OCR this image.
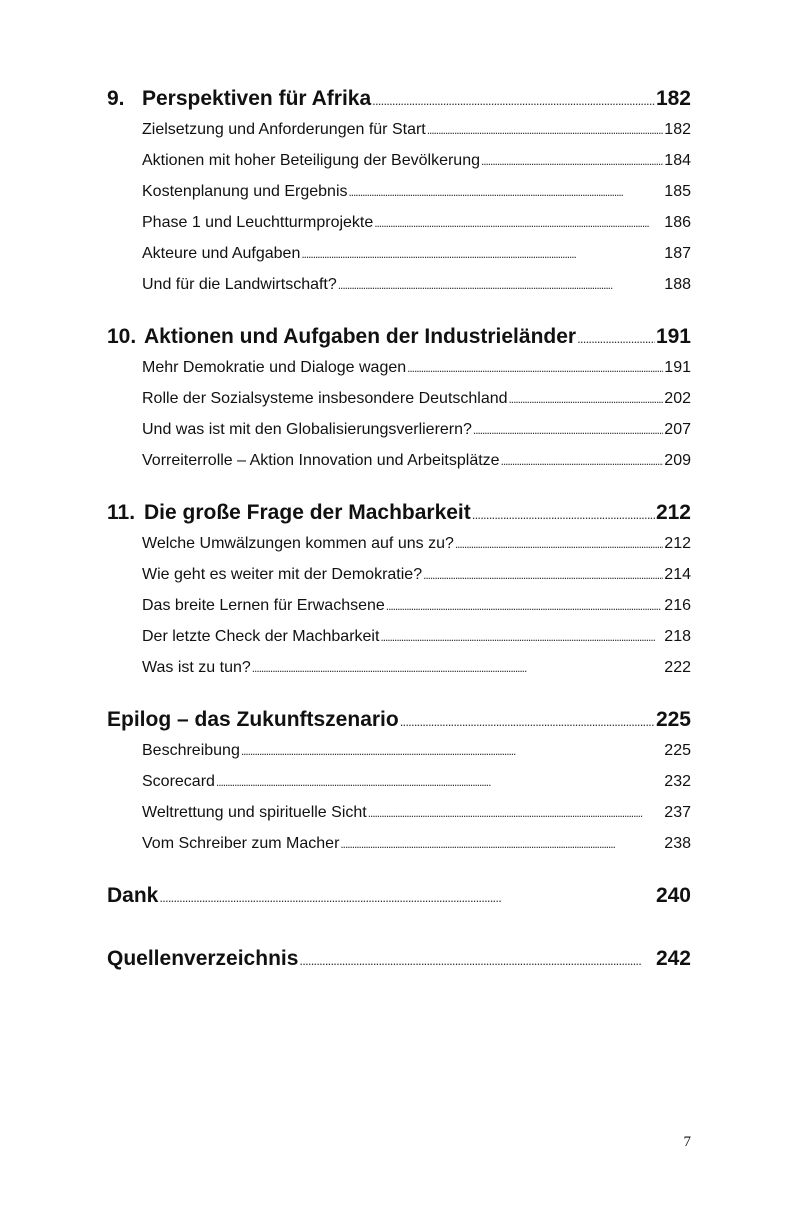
9. Perspektiven für Afrika . . .	182
Zielsetzung und Anforderungen für Start . . .	182
Aktionen mit hoher Beteiligung der Bevölkerung . . .	184
Kostenplanung und Ergebnis . . .	185
Phase 1 und Leuchtturmprojekte . . .	186
Akteure und Aufgaben . . .	187
Und für die Landwirtschaft? . . .	188
10. Aktionen und Aufgaben der Industrieländer . . .	191
Mehr Demokratie und Dialoge wagen . . .	191
Rolle der Sozialsysteme insbesondere Deutschland . . .	202
Und was ist mit den Globalisierungsverlierern? . . .	207
Vorreiterrolle – Aktion Innovation und Arbeitsplätze . . .	209
11. Die große Frage der Machbarkeit . . .	212
Welche Umwälzungen kommen auf uns zu? . . .	212
Wie geht es weiter mit der Demokratie? . . .	214
Das breite Lernen für Erwachsene . . .	216
Der letzte Check der Machbarkeit . . .	218
Was ist zu tun? . . .	222
Epilog – das Zukunftszenario . . .	225
Beschreibung . . .	225
Scorecard . . .	232
Weltrettung und spirituelle Sicht . . .	237
Vom Schreiber zum Macher . . .	238
Dank . . .	240
Quellenverzeichnis . . .	242
7
